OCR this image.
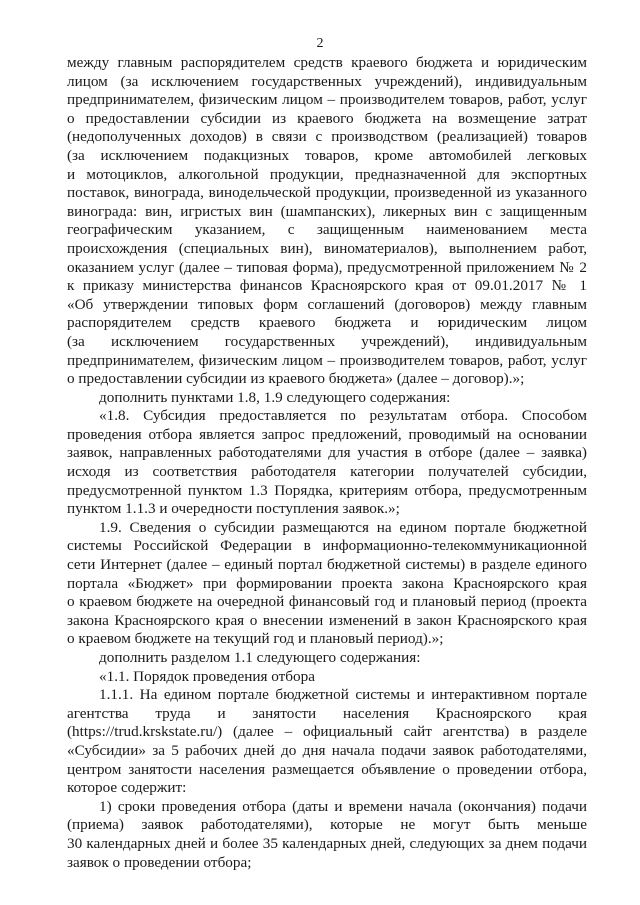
2
между главным распорядителем средств краевого бюджета и юридическим
лицом (за исключением государственных учреждений), индивидуальным
предпринимателем, физическим лицом – производителем товаров, работ, услуг
о предоставлении субсидии из краевого бюджета на возмещение затрат
(недополученных доходов) в связи с производством (реализацией) товаров
(за исключением подакцизных товаров, кроме автомобилей легковых
и мотоциклов, алкогольной продукции, предназначенной для экспортных
поставок, винограда, винодельческой продукции, произведенной из указанного
винограда: вин, игристых вин (шампанских), ликерных вин с защищенным
географическим указанием, с защищенным наименованием места
происхождения (специальных вин), виноматериалов), выполнением работ,
оказанием услуг (далее – типовая форма), предусмотренной приложением № 2
к приказу министерства финансов Красноярского края от 09.01.2017 № 1
«Об утверждении типовых форм соглашений (договоров) между главным
распорядителем средств краевого бюджета и юридическим лицом
(за исключением государственных учреждений), индивидуальным
предпринимателем, физическим лицом – производителем товаров, работ, услуг
о предоставлении субсидии из краевого бюджета» (далее – договор).»;
дополнить пунктами 1.8, 1.9 следующего содержания:
«1.8. Субсидия предоставляется по результатам отбора. Способом
проведения отбора является запрос предложений, проводимый на основании
заявок, направленных работодателями для участия в отборе (далее – заявка)
исходя из соответствия работодателя категории получателей субсидии,
предусмотренной пунктом 1.3 Порядка, критериям отбора, предусмотренным
пунктом 1.1.3 и очередности поступления заявок.»;
1.9. Сведения о субсидии размещаются на едином портале бюджетной
системы Российской Федерации в информационно-телекоммуникационной
сети Интернет (далее – единый портал бюджетной системы) в разделе единого
портала «Бюджет» при формировании проекта закона Красноярского края
о краевом бюджете на очередной финансовый год и плановый период (проекта
закона Красноярского края о внесении изменений в закон Красноярского края
о краевом бюджете на текущий год и плановый период).»;
дополнить разделом 1.1 следующего содержания:
«1.1. Порядок проведения отбора
1.1.1. На едином портале бюджетной системы и интерактивном портале
агентства труда и занятости населения Красноярского края
(https://trud.krskstate.ru/) (далее – официальный сайт агентства) в разделе
«Субсидии» за 5 рабочих дней до дня начала подачи заявок работодателями,
центром занятости населения размещается объявление о проведении отбора,
которое содержит:
1) сроки проведения отбора (даты и времени начала (окончания) подачи
(приема) заявок работодателями), которые не могут быть меньше
30 календарных дней и более 35 календарных дней, следующих за днем подачи
заявок о проведении отбора;
